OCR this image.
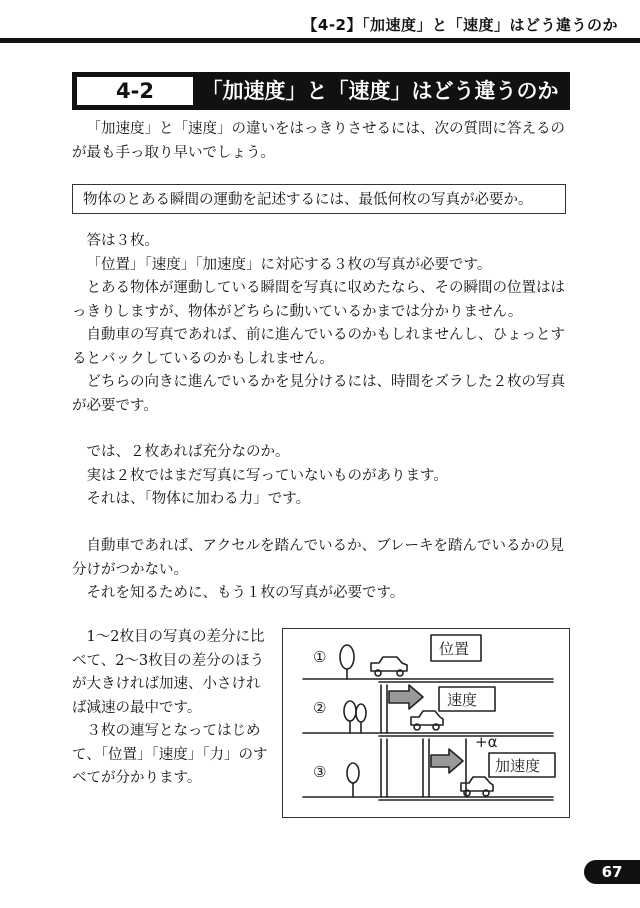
【4-2】「加速度」と「速度」はどう違うのか
4-2	「加速度」と「速度」はどう違うのか

「加速度」と「速度」の違いをはっきりさせるには、次の質問に答えるのが最も手っ取り早いでしょう。

物体のとある瞬間の運動を記述するには、最低何枚の写真が必要か。

答は３枚。

「位置」「速度」「加速度」に対応する３枚の写真が必要です。

とある物体が運動している瞬間を写真に収めたなら、その瞬間の位置ははっきりしますが、物体がどちらに動いているかまでは分かりません。

自動車の写真であれば、前に進んでいるのかもしれませんし、ひょっとするとバックしているのかもしれません。

どちらの向きに進んでいるかを見分けるには、時間をズラした２枚の写真が必要です。

では、２枚あれば充分なのか。

実は２枚ではまだ写真に写っていないものがあります。

それは、「物体に加わる力」です。

自動車であれば、アクセルを踏んでいるか、ブレーキを踏んでいるかの見分けがつかない。

それを知るために、もう１枚の写真が必要です。

1～2枚目の写真の差分に比べて、2～3枚目の差分のほうが大きければ加速、小さければ減速の最中です。

３枚の連写となってはじめて、「位置」「速度」「力」のすべてが分かります。

①	位置
②	速度
③
+α
加速度
67
